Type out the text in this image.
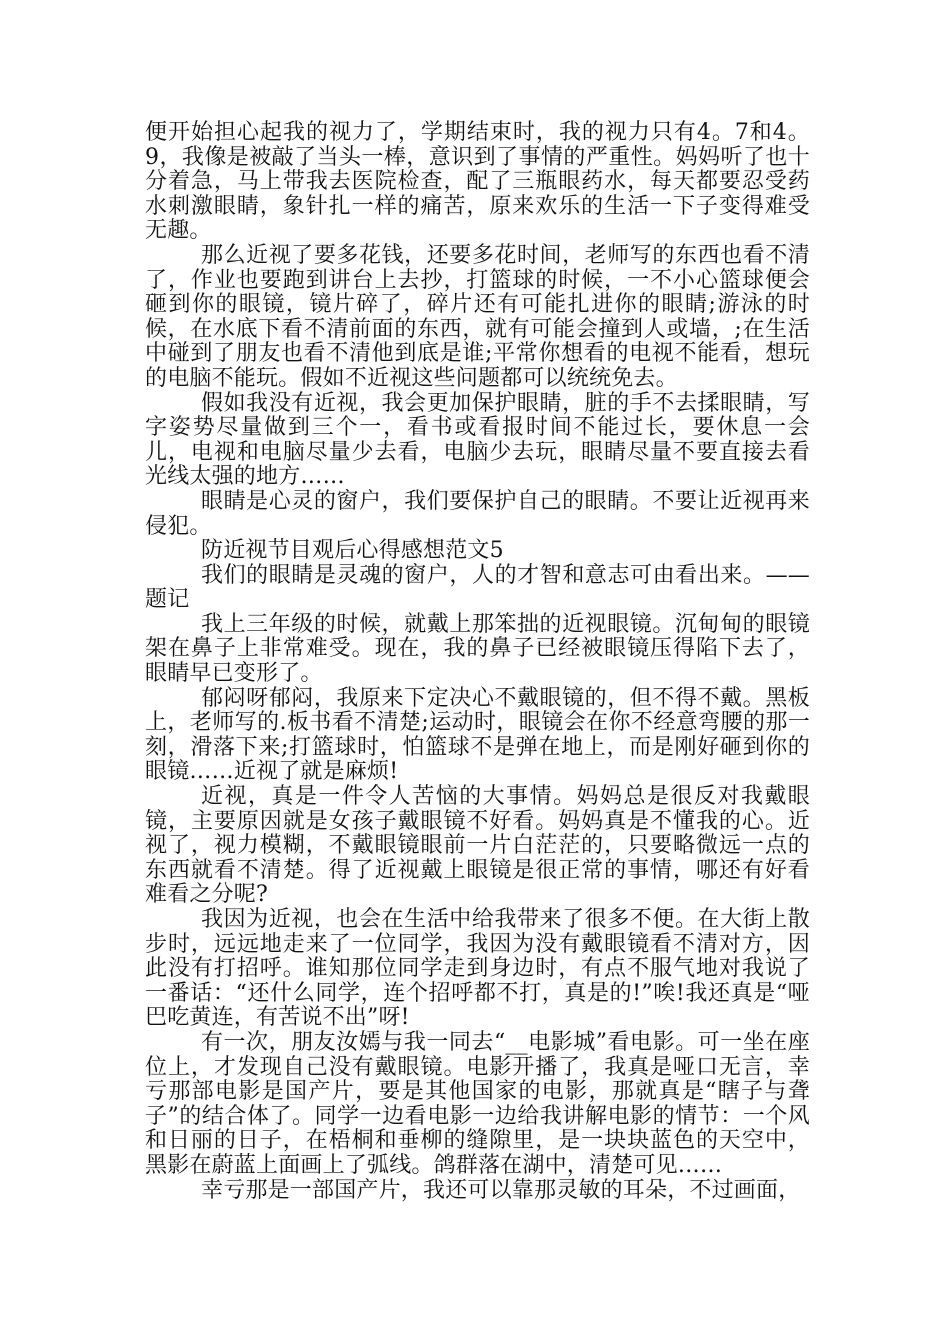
便开始担心起我的视力了，学期结束时，我的视力只有4。7和4。9，我像是被敲了当头一棒，意识到了事情的严重性。妈妈听了也十分着急，马上带我去医院检查，配了三瓶眼药水，每天都要忍受药水刺激眼睛，象针扎一样的痛苦，原来欢乐的生活一下子变得难受无趣。

那么近视了要多花钱，还要多花时间，老师写的东西也看不清了，作业也要跑到讲台上去抄，打篮球的时候，一不小心篮球便会砸到你的眼镜，镜片碎了，碎片还有可能扎进你的眼睛;游泳的时候，在水底下看不清前面的东西，就有可能会撞到人或墙，;在生活中碰到了朋友也看不清他到底是谁;平常你想看的电视不能看，想玩的电脑不能玩。假如不近视这些问题都可以统统免去。

假如我没有近视，我会更加保护眼睛，脏的手不去揉眼睛，写字姿势尽量做到三个一，看书或看报时间不能过长，要休息一会儿，电视和电脑尽量少去看，电脑少去玩，眼睛尽量不要直接去看光线太强的地方……

眼睛是心灵的窗户，我们要保护自己的眼睛。不要让近视再来侵犯。

防近视节目观后心得感想范文5

我们的眼睛是灵魂的窗户，人的才智和意志可由看出来。——题记

我上三年级的时候，就戴上那笨拙的近视眼镜。沉甸甸的眼镜架在鼻子上非常难受。现在，我的鼻子已经被眼镜压得陷下去了，眼睛早已变形了。

郁闷呀郁闷，我原来下定决心不戴眼镜的，但不得不戴。黑板上，老师写的.板书看不清楚;运动时，眼镜会在你不经意弯腰的那一刻，滑落下来;打篮球时，怕篮球不是弹在地上，而是刚好砸到你的眼镜……近视了就是麻烦!

近视，真是一件令人苦恼的大事情。妈妈总是很反对我戴眼镜，主要原因就是女孩子戴眼镜不好看。妈妈真是不懂我的心。近视了，视力模糊，不戴眼镜眼前一片白茫茫的，只要略微远一点的东西就看不清楚。得了近视戴上眼镜是很正常的事情，哪还有好看难看之分呢?

我因为近视，也会在生活中给我带来了很多不便。在大街上散步时，远远地走来了一位同学，我因为没有戴眼镜看不清对方，因此没有打招呼。谁知那位同学走到身边时，有点不服气地对我说了一番话：“还什么同学，连个招呼都不打，真是的!”唉!我还真是“哑巴吃黄连，有苦说不出”呀!

有一次，朋友汝嫣与我一同去“__电影城”看电影。可一坐在座位上，才发现自己没有戴眼镜。电影开播了，我真是哑口无言，幸亏那部电影是国产片，要是其他国家的电影，那就真是“瞎子与聋子”的结合体了。同学一边看电影一边给我讲解电影的情节：一个风和日丽的日子，在梧桐和垂柳的缝隙里，是一块块蓝色的天空中，黑影在蔚蓝上面画上了弧线。鸽群落在湖中，清楚可见……

幸亏那是一部国产片，我还可以靠那灵敏的耳朵，不过画面，
